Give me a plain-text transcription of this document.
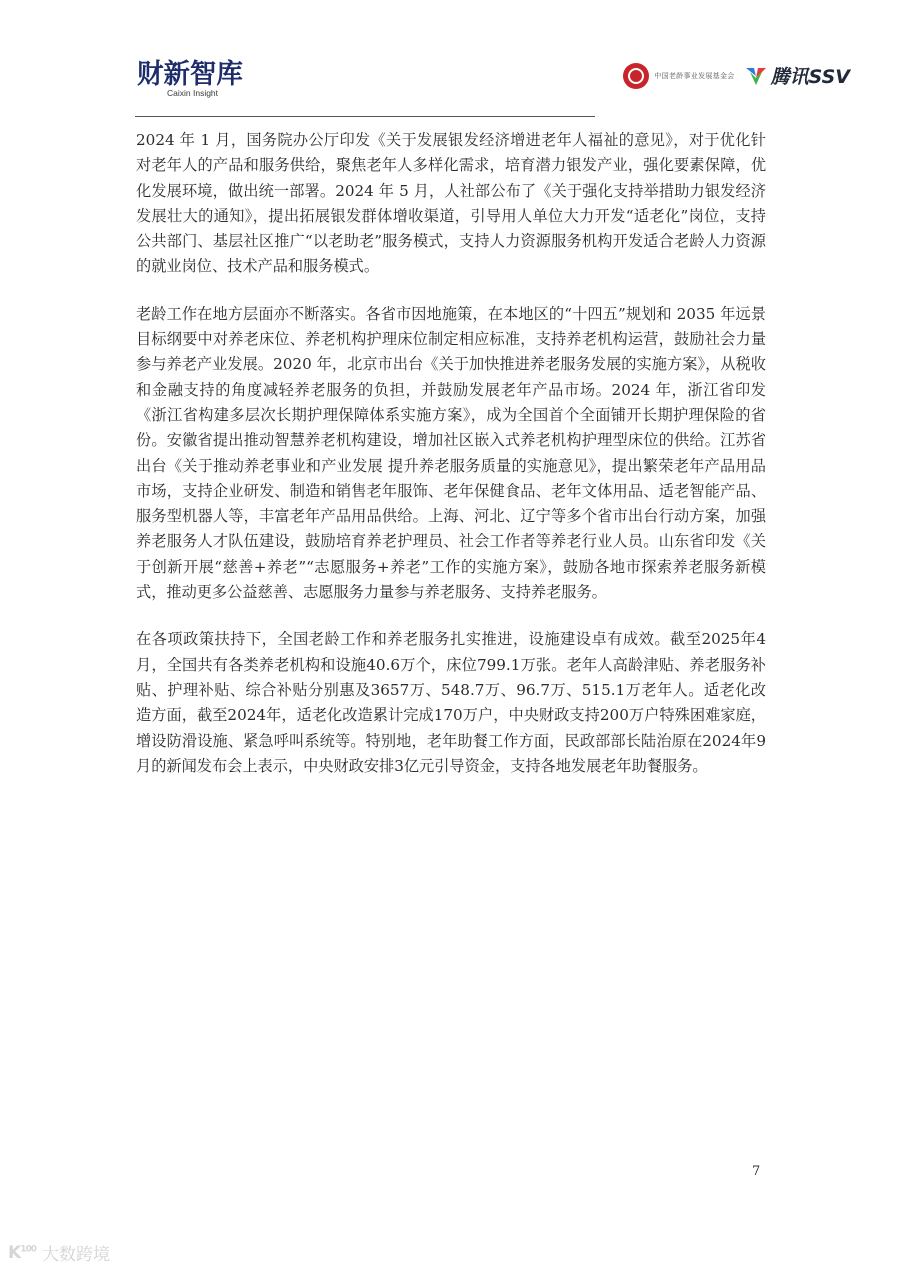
财新智库
Caixin Insight
中国老龄事业发展基金会 腾讯SSV

2024 年 1 月，国务院办公厅印发《关于发展银发经济增进老年人福祉的意见》，对于优化针对老年人的产品和服务供给，聚焦老年人多样化需求，培育潜力银发产业，强化要素保障，优化发展环境，做出统一部署。2024 年 5 月，人社部公布了《关于强化支持举措助力银发经济发展壮大的通知》，提出拓展银发群体增收渠道，引导用人单位大力开发“适老化”岗位，支持公共部门、基层社区推广“以老助老”服务模式，支持人力资源服务机构开发适合老龄人力资源的就业岗位、技术产品和服务模式。

老龄工作在地方层面亦不断落实。各省市因地施策，在本地区的“十四五”规划和 2035 年远景目标纲要中对养老床位、养老机构护理床位制定相应标准，支持养老机构运营，鼓励社会力量参与养老产业发展。2020 年，北京市出台《关于加快推进养老服务发展的实施方案》，从税收和金融支持的角度减轻养老服务的负担，并鼓励发展老年产品市场。2024 年，浙江省印发《浙江省构建多层次长期护理保障体系实施方案》，成为全国首个全面铺开长期护理保险的省份。安徽省提出推动智慧养老机构建设，增加社区嵌入式养老机构护理型床位的供给。江苏省出台《关于推动养老事业和产业发展 提升养老服务质量的实施意见》，提出繁荣老年产品用品市场，支持企业研发、制造和销售老年服饰、老年保健食品、老年文体用品、适老智能产品、服务型机器人等，丰富老年产品用品供给。上海、河北、辽宁等多个省市出台行动方案，加强养老服务人才队伍建设，鼓励培育养老护理员、社会工作者等养老行业人员。山东省印发《关于创新开展“慈善+养老”“志愿服务+养老”工作的实施方案》，鼓励各地市探索养老服务新模式，推动更多公益慈善、志愿服务力量参与养老服务、支持养老服务。

在各项政策扶持下，全国老龄工作和养老服务扎实推进，设施建设卓有成效。截至2025年4月，全国共有各类养老机构和设施40.6万个，床位799.1万张。老年人高龄津贴、养老服务补贴、护理补贴、综合补贴分别惠及3657万、548.7万、96.7万、515.1万老年人。适老化改造方面，截至2024年，适老化改造累计完成170万户，中央财政支持200万户特殊困难家庭，增设防滑设施、紧急呼叫系统等。特别地，老年助餐工作方面，民政部部长陆治原在2024年9月的新闻发布会上表示，中央财政安排3亿元引导资金，支持各地发展老年助餐服务。

7
$K^{100}$ 大数跨境
